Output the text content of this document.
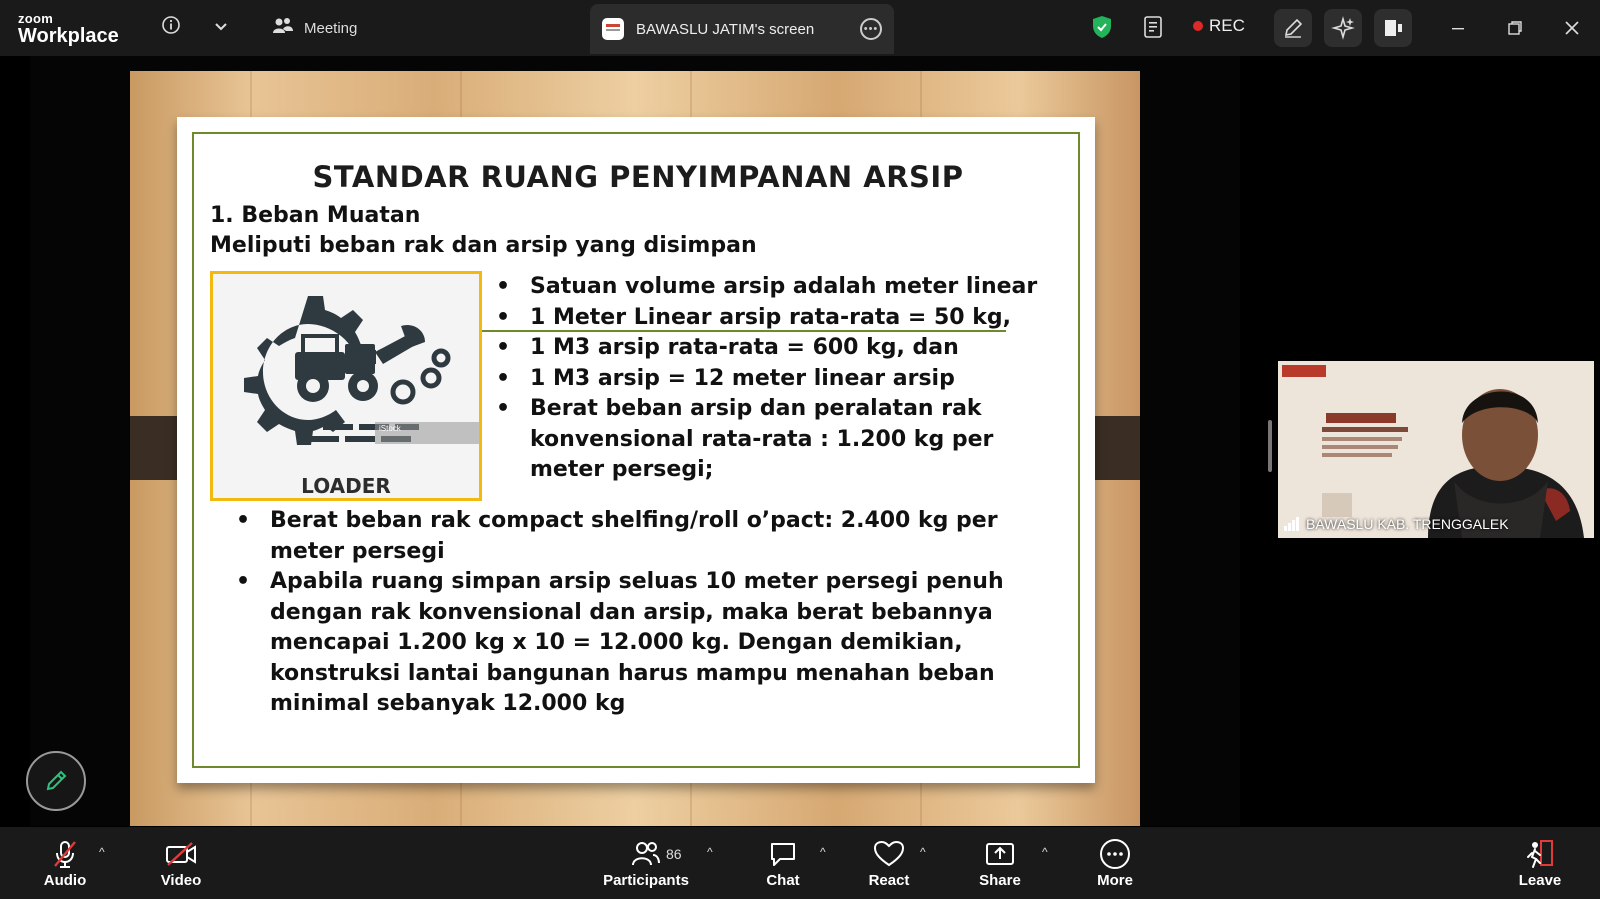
zoom
Workplace	Meeting	BAWASLU JATIM's screen	•••	REC
STANDAR RUANG PENYIMPANAN ARSIP
1. Beban Muatan
Meliputi beban rak dan arsip yang disimpan
iStock
LOADER
• Satuan volume arsip adalah meter linear
• 1 Meter Linear arsip rata-rata = 50 kg,
• 1 M3 arsip rata-rata = 600 kg, dan
• 1 M3 arsip = 12 meter linear arsip
• Berat beban arsip dan peralatan rak konvensional rata-rata : 1.200 kg per meter persegi;
• Berat beban rak compact shelfing/roll o’pact: 2.400 kg per meter persegi
• Apabila ruang simpan arsip seluas 10 meter persegi penuh dengan rak konvensional dan arsip, maka berat bebannya mencapai 1.200 kg x 10 = 12.000 kg. Dengan demikian, konstruksi lantai bangunan harus mampu menahan beban minimal sebanyak 12.000 kg
BAWASLU KAB. TRENGGALEK
Audio
^
Video	Participants
86 ^
Chat
^
React
^
Share
^
More	Leave
